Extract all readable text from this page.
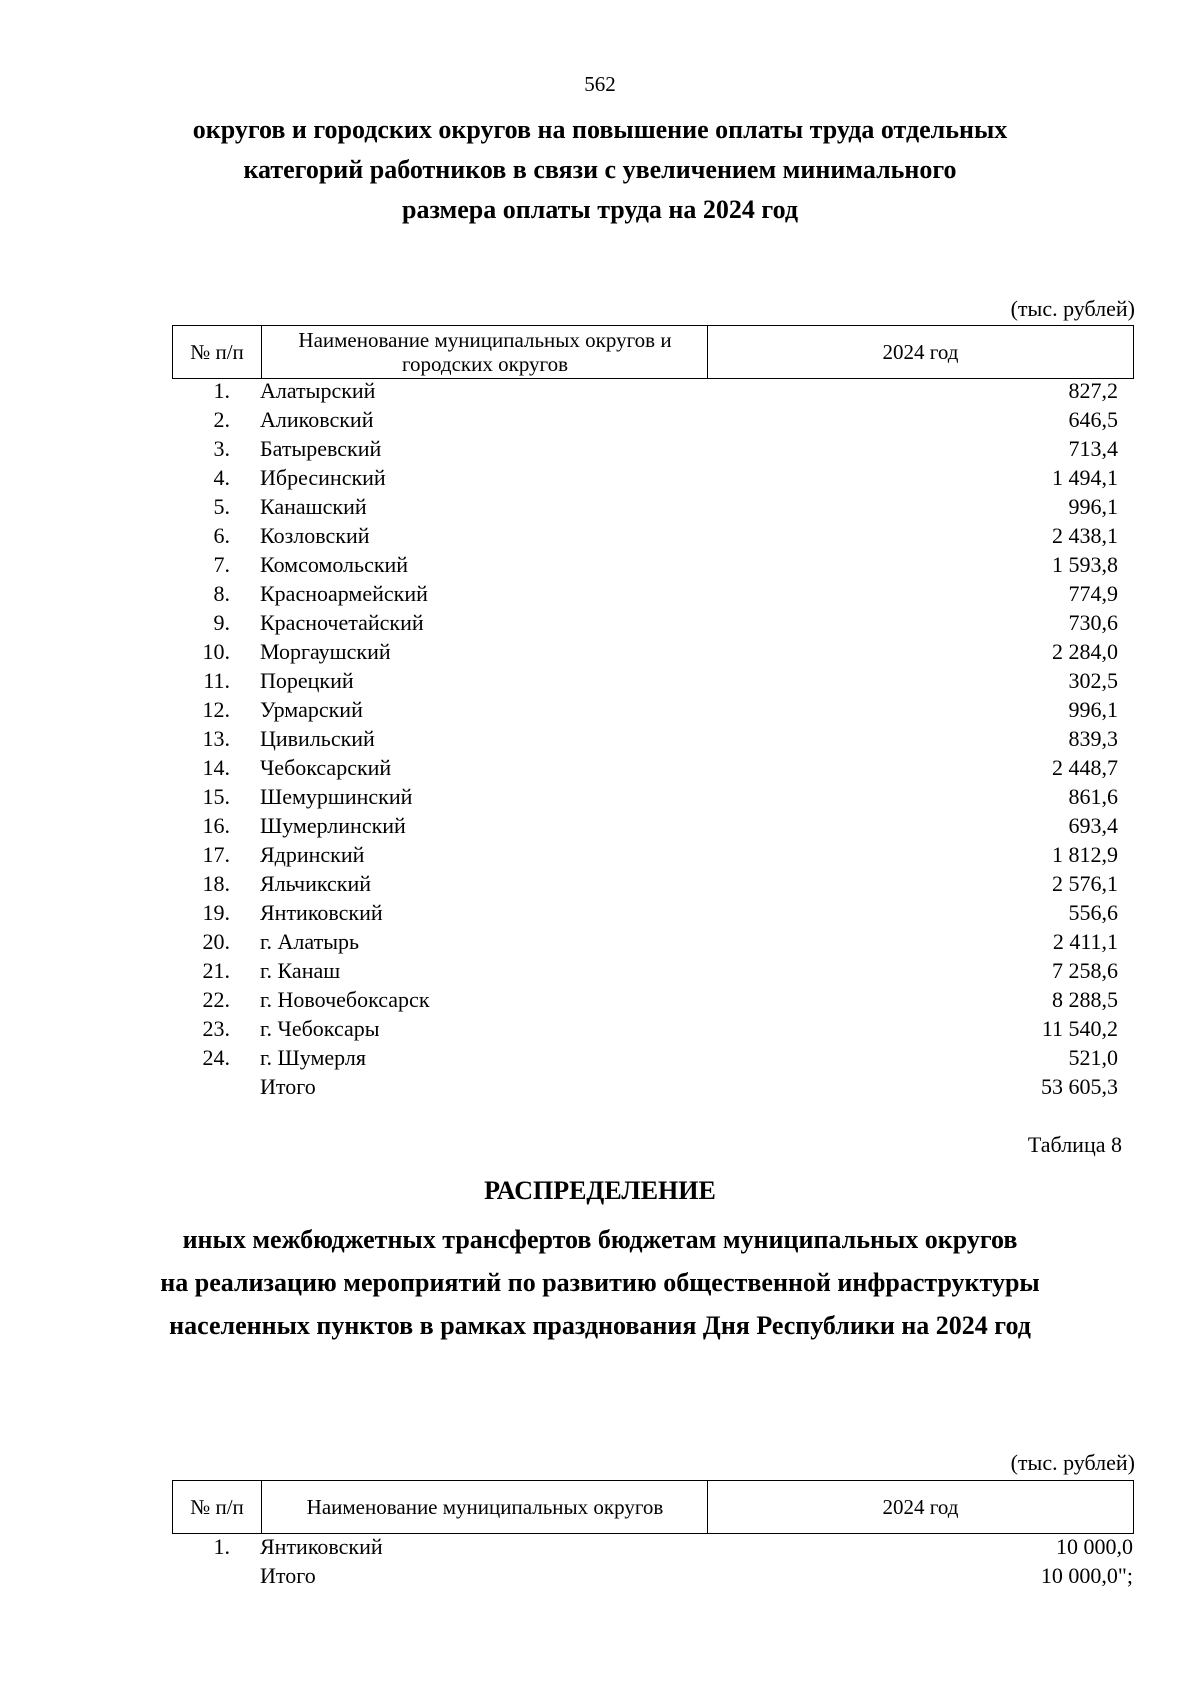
562
округов и городских округов на повышение оплаты труда отдельных
категорий работников в связи с увеличением минимального
размера оплаты труда на 2024 год
(тыс. рублей)
№ п/п	Наименование муниципальных округов и городских округов	2024 год
1. Алатырский	827,2
2. Аликовский	646,5
3. Батыревский	713,4
4. Ибресинский	1 494,1
5. Канашский	996,1
6. Козловский	2 438,1
7. Комсомольский	1 593,8
8. Красноармейский	774,9
9. Красночетайский	730,6
10. Моргаушский	2 284,0
11. Порецкий	302,5
12. Урмарский	996,1
13. Цивильский	839,3
14. Чебоксарский	2 448,7
15. Шемуршинский	861,6
16. Шумерлинский	693,4
17. Ядринский	1 812,9
18. Яльчикский	2 576,1
19. Янтиковский	556,6
20. г. Алатырь	2 411,1
21. г. Канаш	7 258,6
22. г. Новочебоксарск	8 288,5
23. г. Чебоксары	11 540,2
24. г. Шумерля	521,0
Итого	53 605,3
Таблица 8
РАСПРЕДЕЛЕНИЕ
иных межбюджетных трансфертов бюджетам муниципальных округов
на реализацию мероприятий по развитию общественной инфраструктуры
населенных пунктов в рамках празднования Дня Республики на 2024 год
(тыс. рублей)
№ п/п	Наименование муниципальных округов	2024 год
1. Янтиковский	10 000,0
Итого	10 000,0";
